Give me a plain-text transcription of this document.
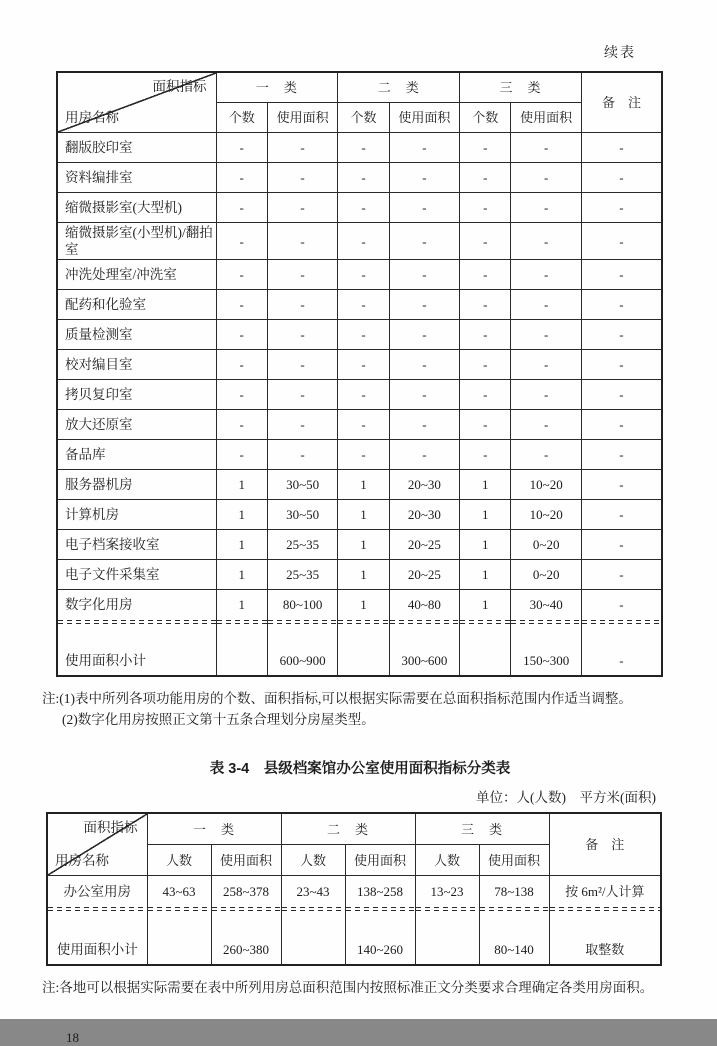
续表
面积指标
用房名称	一　类		二　类		三　类		备　注
	个数	使用面积	个数	使用面积	个数	使用面积	
翻版胶印室	-	-	-	-	-	-	-
资料编排室	-	-	-	-	-	-	-
缩微摄影室(大型机)	-	-	-	-	-	-	-
缩微摄影室(小型机)/翻拍室	-	-	-	-	-	-	-
冲洗处理室/冲洗室	-	-	-	-	-	-	-
配药和化验室	-	-	-	-	-	-	-
质量检测室	-	-	-	-	-	-	-
校对编目室	-	-	-	-	-	-	-
拷贝复印室	-	-	-	-	-	-	-
放大还原室	-	-	-	-	-	-	-
备品库	-	-	-	-	-	-	-
服务器机房	1	30~50	1	20~30	1	10~20	-
计算机房	1	30~50	1	20~30	1	10~20	-
电子档案接收室	1	25~35	1	20~25	1	0~20	-
电子文件采集室	1	25~35	1	20~25	1	0~20	-
数字化用房	1	80~100	1	40~80	1	30~40	-

使用面积小计		600~900		300~600		150~300	-
注:(1)表中所列各项功能用房的个数、面积指标,可以根据实际需要在总面积指标范围内作适当调整。
(2)数字化用房按照正文第十五条合理划分房屋类型。
表 3-4　县级档案馆办公室使用面积指标分类表
单位：人(人数)　平方米(面积)
面积指标
用房名称	一　类		二　类		三　类		备　注
	人数	使用面积	人数	使用面积	人数	使用面积	
办公室用房	43~63	258~378	23~43	138~258	13~23	78~138	按 6m²/人计算

使用面积小计		260~380		140~260		80~140	取整数
注:各地可以根据实际需要在表中所列用房总面积范围内按照标准正文分类要求合理确定各类用房面积。
18
